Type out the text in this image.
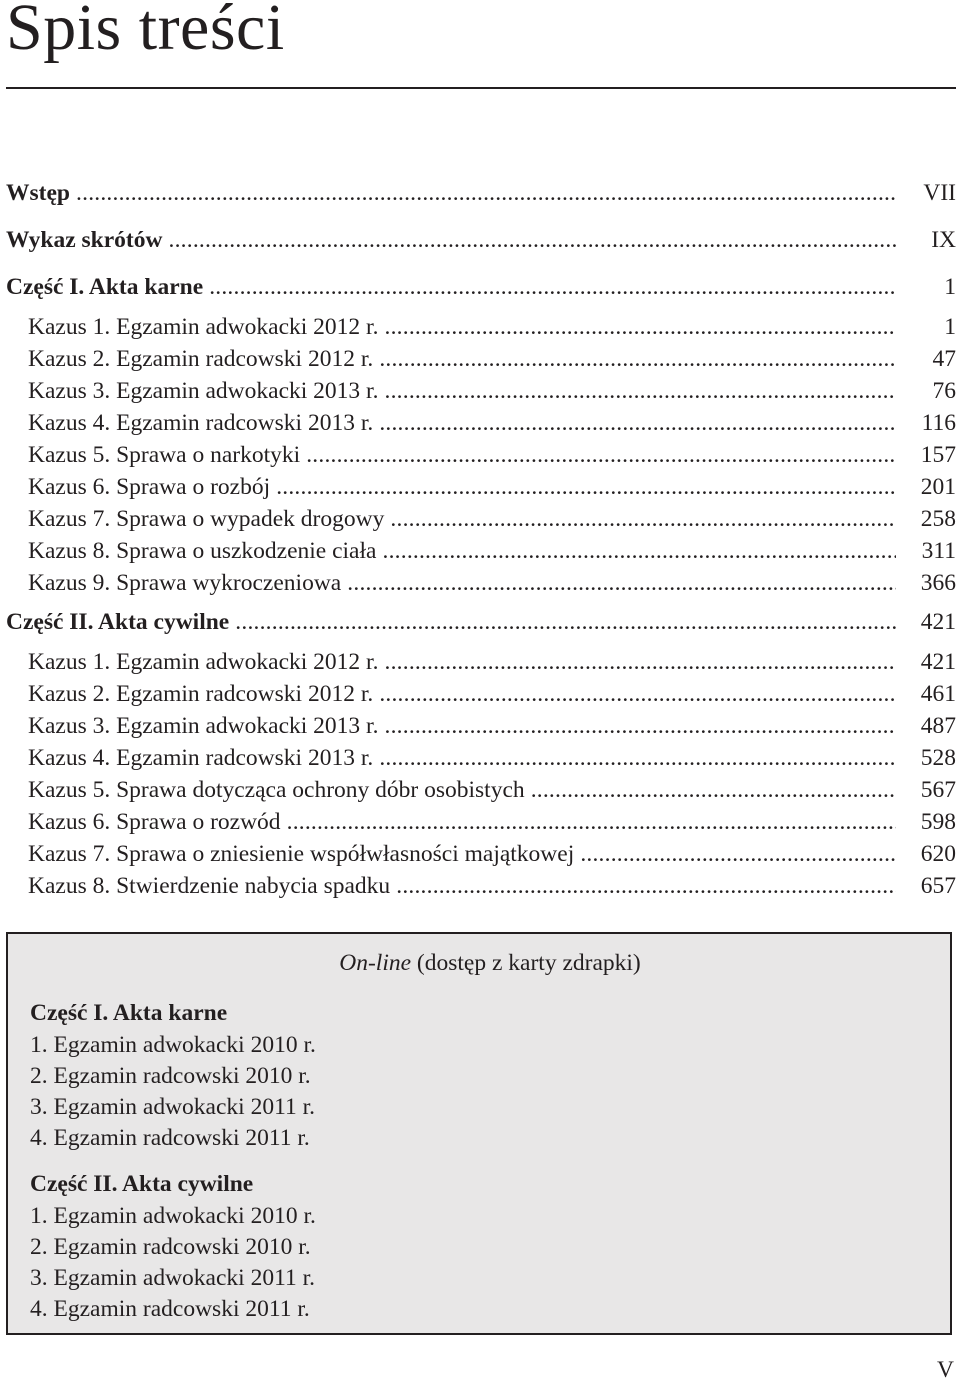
Spis treści
Wstęp .....	VII
Wykaz skrótów .....	IX
Część I. Akta karne .....	1
Kazus 1. Egzamin adwokacki 2012 r. .....	1
Kazus 2. Egzamin radcowski 2012 r. .....	47
Kazus 3. Egzamin adwokacki 2013 r. .....	76
Kazus 4. Egzamin radcowski 2013 r. .....	116
Kazus 5. Sprawa o narkotyki .....	157
Kazus 6. Sprawa o rozbój .....	201
Kazus 7. Sprawa o wypadek drogowy .....	258
Kazus 8. Sprawa o uszkodzenie ciała .....	311
Kazus 9. Sprawa wykroczeniowa .....	366
Część II. Akta cywilne .....	421
Kazus 1. Egzamin adwokacki 2012 r. .....	421
Kazus 2. Egzamin radcowski 2012 r. .....	461
Kazus 3. Egzamin adwokacki 2013 r. .....	487
Kazus 4. Egzamin radcowski 2013 r. .....	528
Kazus 5. Sprawa dotycząca ochrony dóbr osobistych .....	567
Kazus 6. Sprawa o rozwód .....	598
Kazus 7. Sprawa o zniesienie współwłasności majątkowej .....	620
Kazus 8. Stwierdzenie nabycia spadku .....	657
On-line (dostęp z karty zdrapki)
Część I. Akta karne
1. Egzamin adwokacki 2010 r.
2. Egzamin radcowski 2010 r.
3. Egzamin adwokacki 2011 r.
4. Egzamin radcowski 2011 r.
Część II. Akta cywilne
1. Egzamin adwokacki 2010 r.
2. Egzamin radcowski 2010 r.
3. Egzamin adwokacki 2011 r.
4. Egzamin radcowski 2011 r.
V
